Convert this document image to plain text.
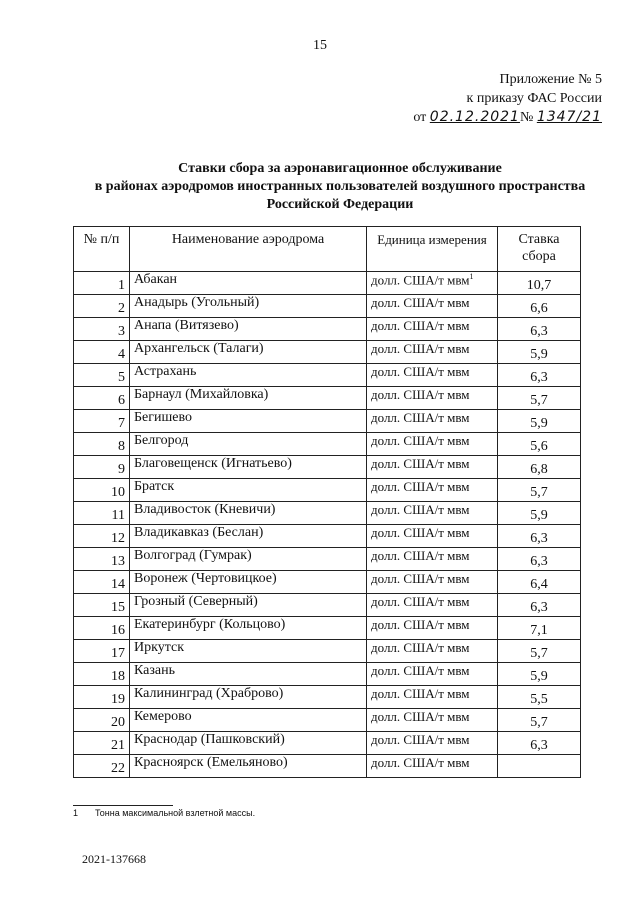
15
Приложение № 5
к приказу ФАС России
от 02.12.2021№ 1347/21
Ставки сбора за аэронавигационное обслуживание
в районах аэродромов иностранных пользователей воздушного пространства
Российской Федерации
№ п/п	Наименование аэродрома	Единица измерения	Ставка сбора
1	Абакан	долл. США/т мвм$^1$	10,7
2	Анадырь (Угольный)	долл. США/т мвм	6,6
3	Анапа (Витязево)	долл. США/т мвм	6,3
4	Архангельск (Талаги)	долл. США/т мвм	5,9
5	Астрахань	долл. США/т мвм	6,3
6	Барнаул (Михайловка)	долл. США/т мвм	5,7
7	Бегишево	долл. США/т мвм	5,9
8	Белгород	долл. США/т мвм	5,6
9	Благовещенск (Игнатьево)	долл. США/т мвм	6,8
10	Братск	долл. США/т мвм	5,7
11	Владивосток (Кневичи)	долл. США/т мвм	5,9
12	Владикавказ (Беслан)	долл. США/т мвм	6,3
13	Волгоград (Гумрак)	долл. США/т мвм	6,3
14	Воронеж (Чертовицкое)	долл. США/т мвм	6,4
15	Грозный (Северный)	долл. США/т мвм	6,3
16	Екатеринбург (Кольцово)	долл. США/т мвм	7,1
17	Иркутск	долл. США/т мвм	5,7
18	Казань	долл. США/т мвм	5,9
19	Калининград (Храброво)	долл. США/т мвм	5,5
20	Кемерово	долл. США/т мвм	5,7
21	Краснодар (Пашковский)	долл. США/т мвм	6,3
22	Красноярск (Емельяново)	долл. США/т мвм	
1 Тонна максимальной взлетной массы.
2021-137668
